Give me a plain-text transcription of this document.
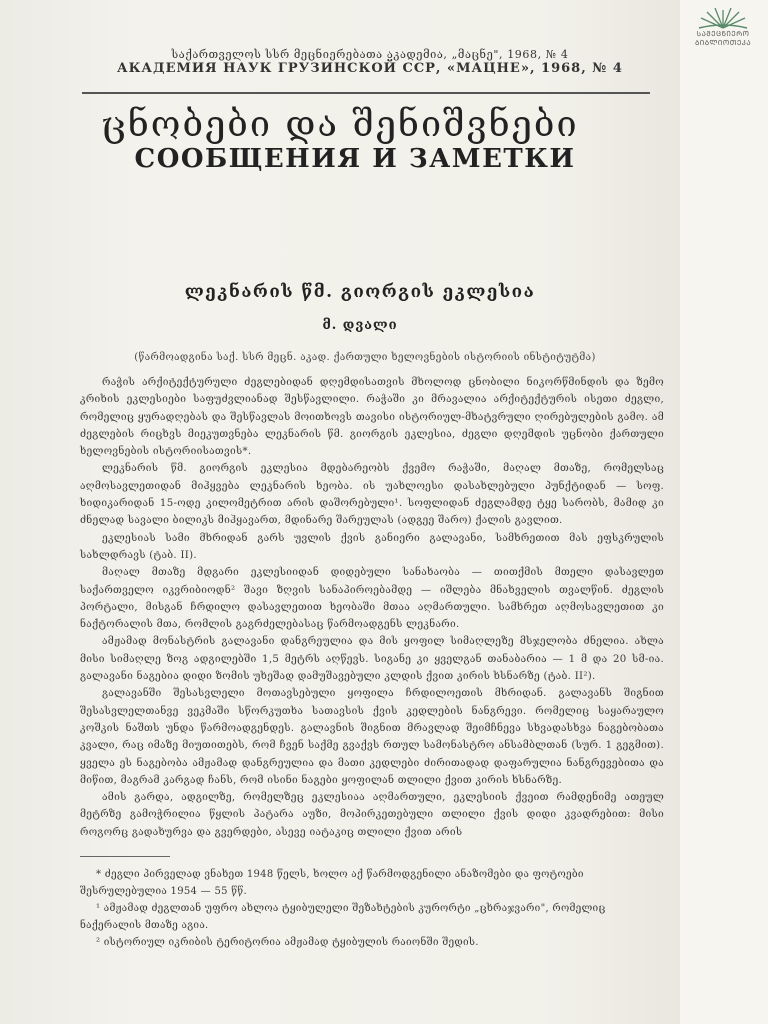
ᲡᲐᲛᲔᲪᲜᲘᲔᲠᲝ
ᲑᲘᲑᲚᲘᲝᲗᲔᲙᲐ
საქართველოს სსრ მეცნიერებათა აკადემია, „მაცნე", 1968, № 4
АКАДЕМИЯ НАУК ГРУЗИНСКОЙ ССР, «МАЦНЕ», 1968, № 4
ცნობები და შენიშვნები
СООБЩЕНИЯ И ЗАМЕТКИ
ლეკნარის წმ. გიორგის ეკლესია
მ. დვალი
(წარმოადგინა საქ. სსრ მეცნ. აკად. ქართული ხელოვნების ისტორიის ინსტიტუტმა)

რაჭის არქიტექტურული ძეგლებიდან დღემდისათვის მხოლოდ ცნობილი ნიკორწმინდის და ზემო კრიხის ეკლესიები საფუძვლიანად შესწავლილი. რაჭაში კი მრავალია არქიტექტურის ისეთი ძეგლი, რომელიც ყურადღებას და შესწავლას მოითხოვს თავისი ისტორიულ-მხატვრული ღირებულების გამო. ამ ძეგლების რიცხვს მიეკუთვნება ლეკნარის წმ. გიორგის ეკლესია, ძეგლი დღემდის უცნობი ქართული ხელოვნების ისტორიისათვის*.

ლეკნარის წმ. გიორგის ეკლესია მდებარეობს ქვემო რაჭაში, მაღალ მთაზე, რომელსაც აღმოსავლეთიდან მიჰყვება ლეკნარის ხეობა. ის უახლოესი დასახლებული პუნქტიდან — სოფ. ხიდიკარიდან 15-ოდე კილომეტრით არის დაშორებული¹. სოფლიდან ძეგლამდე ტყე სარობს, მამიდ კი ძნელად სავალი ბილიკს მიჰყავართ, მდინარე შარეულას (ადგეე შარო) ქალის გავლით.

ეკლესიას სამი მხრიდან გარს უვლის ქვის განიერი გალავანი, სამხრეთით მას ეფსკრულის სახლდრავს (ტაბ. II).

მაღალ მთაზე მდგარი ეკლესიიდან დიდებული სანახაობა — თითქმის მთელი დასავლეთ საქართველო იკვრიბიოდნ² შავი ზღვის სანაპიროებამდე — იშლება მნახველის თვალწინ. ძეგლის პორტალი, მისგან ჩრდილო დასავლეთით ხეობაში მთაა აღმართული. სამხრეთ აღმოსავლეთით კი ნაქტორალის მთა, რომლის გაგრძელებასაც წარმოადგენს ლეკნარი.

ამჟამად მონასტრის გალავანი დანგრეულია და მის ყოფილ სიმაღლეზე მსჯელობა ძნელია. ახლა მისი სიმაღლე ზოგ ადგილებში 1,5 მეტრს აღწევს. სიგანე კი ყველგან თანაბარია — 1 მ და 20 სმ-ია. გალავანი ნაგებია დიდი ზომის უხეშად დამუშავებული კლდის ქვით კირის ხსნარზე (ტაბ. II²).

გალავანში შესასვლელი მოთავსებული ყოფილა ჩრდილოეთის მხრიდან. გალავანს შიგნით შესასვლელთანვე ვეკმაში სწორკუთხა სათავსის ქვის კედლების ნანგრევი. რომელიც საყარაულო კოშკის ნაშთს უნდა წარმოადგენდეს. გალავნის შიგნით მრავლად შეიმჩნევა სხვადასხვა ნაგებობათა კვალი, რაც იმაზე მიუთითებს, რომ ჩვენ საქმე გვაქვს რთულ სამონასტრო ანსამბლთან (სურ. 1 გეგმით). ყველა ეს ნაგებობა ამჟამად დანგრეულია და მათი კედლები ძირითადად დაფარულია ნანგრევებითა და მიწით, მაგრამ კარგად ჩანს, რომ ისინი ნაგები ყოფილან თლილი ქვით კირის ხსნარზე.

ამის გარდა, ადგილზე, რომელზეც ეკლესიაა აღმართული, ეკლესიის ქვეით რამდენიმე ათეულ მეტრზე გამოჭრილია წყლის პატარა აუზი, მოპირკეთებული თლილი ქვის დიდი კვადრებით: მისი როგორც გადახურვა და გვერდები, ასევე იატაკიც თლილი ქვით არის

* ძეგლი პირველად ვნახეთ 1948 წელს, ხოლო აქ წარმოდგენილი ანაზომები და ფოტოები შესრულებულია 1954 — 55 წწ.

¹ ამჟამად ძეგლთან უფრო ახლოა ტყიბულელი შეზახტების კურორტი „ცხრაჯვარი", რომელიც ნაქერალის მთაზე აგია.

² ისტორიულ იკრიბის ტერიტორია ამჟამად ტყიბულის რაიონში შედის.
